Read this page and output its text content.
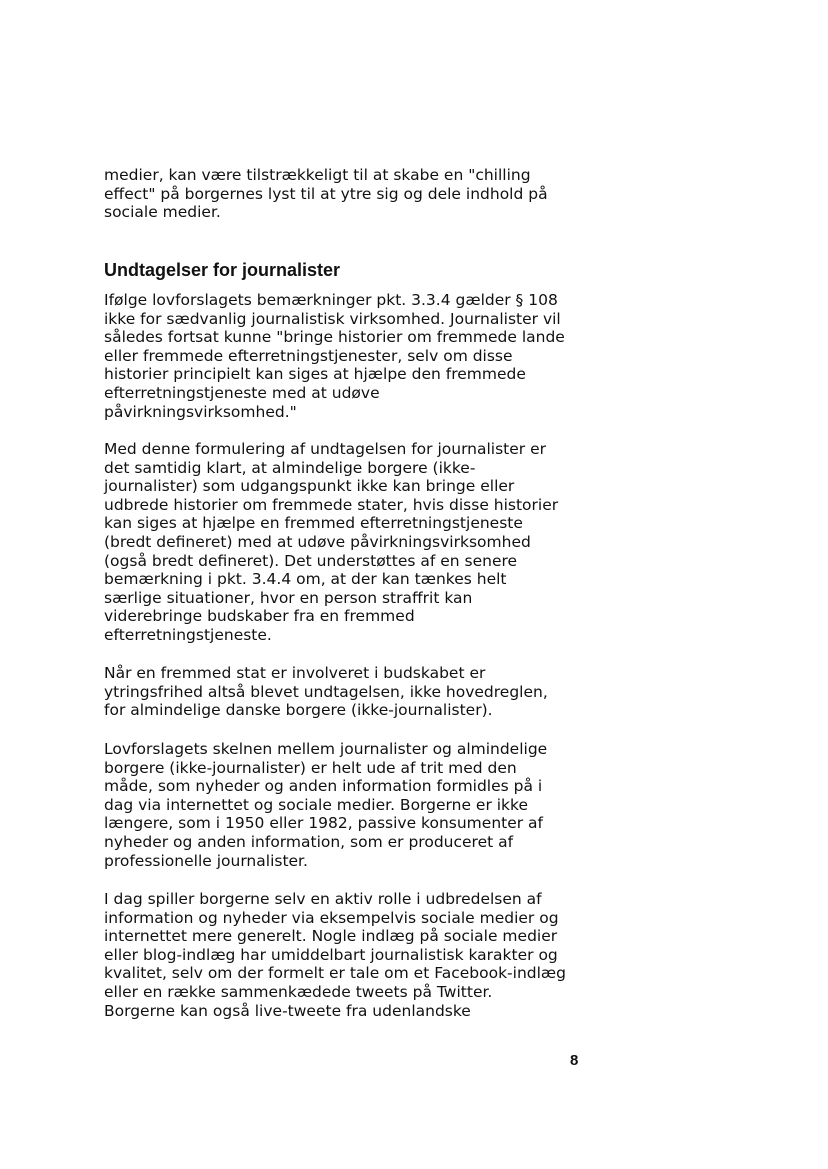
medier, kan være tilstrækkeligt til at skabe en "chilling
effect" på borgernes lyst til at ytre sig og dele indhold på
sociale medier.

Undtagelser for journalister

Ifølge lovforslagets bemærkninger pkt. 3.3.4 gælder § 108
ikke for sædvanlig journalistisk virksomhed. Journalister vil
således fortsat kunne "bringe historier om fremmede lande
eller fremmede efterretningstjenester, selv om disse
historier principielt kan siges at hjælpe den fremmede
efterretningstjeneste med at udøve
påvirkningsvirksomhed."

Med denne formulering af undtagelsen for journalister er
det samtidig klart, at almindelige borgere (ikke-
journalister) som udgangspunkt ikke kan bringe eller
udbrede historier om fremmede stater, hvis disse historier
kan siges at hjælpe en fremmed efterretningstjeneste
(bredt defineret) med at udøve påvirkningsvirksomhed
(også bredt defineret). Det understøttes af en senere
bemærkning i pkt. 3.4.4 om, at der kan tænkes helt
særlige situationer, hvor en person straffrit kan
viderebringe budskaber fra en fremmed
efterretningstjeneste.

Når en fremmed stat er involveret i budskabet er
ytringsfrihed altså blevet undtagelsen, ikke hovedreglen,
for almindelige danske borgere (ikke-journalister).

Lovforslagets skelnen mellem journalister og almindelige
borgere (ikke-journalister) er helt ude af trit med den
måde, som nyheder og anden information formidles på i
dag via internettet og sociale medier. Borgerne er ikke
længere, som i 1950 eller 1982, passive konsumenter af
nyheder og anden information, som er produceret af
professionelle journalister.

I dag spiller borgerne selv en aktiv rolle i udbredelsen af
information og nyheder via eksempelvis sociale medier og
internettet mere generelt. Nogle indlæg på sociale medier
eller blog-indlæg har umiddelbart journalistisk karakter og
kvalitet, selv om der formelt er tale om et Facebook-indlæg
eller en række sammenkædede tweets på Twitter.
Borgerne kan også live-tweete fra udenlandske

8
